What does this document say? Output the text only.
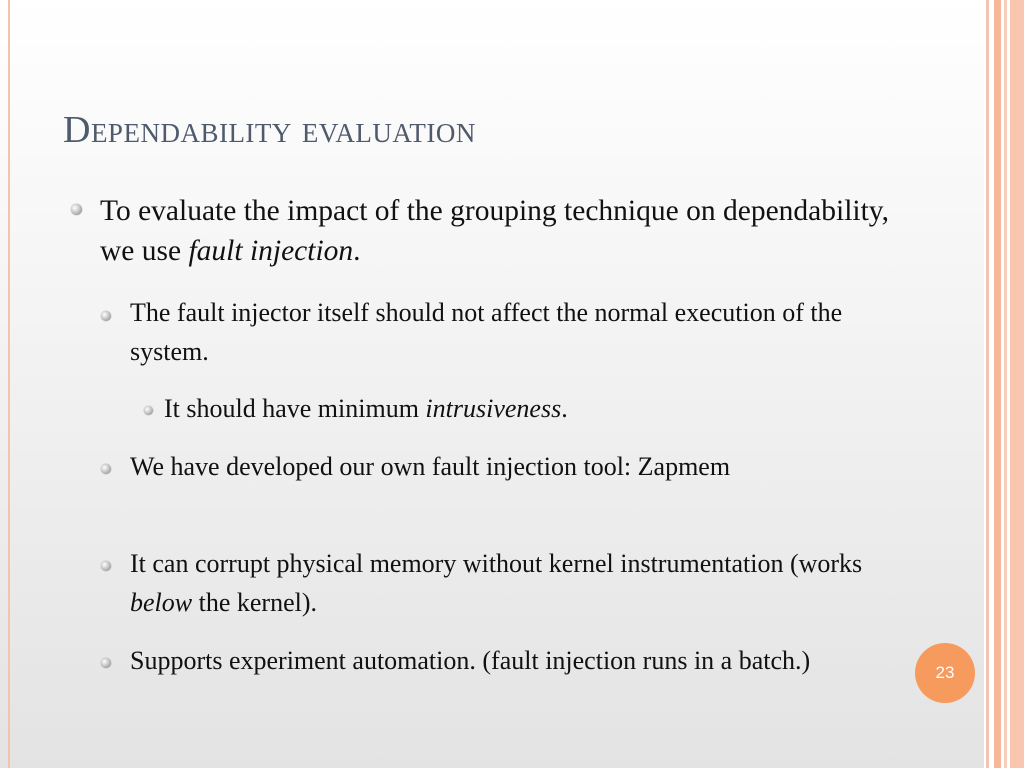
Dependability evaluation

To evaluate the impact of the grouping technique on dependability, we use fault injection.

The fault injector itself should not affect the normal execution of the system.

It should have minimum intrusiveness.

We have developed our own fault injection tool: Zapmem

It can corrupt physical memory without kernel instrumentation (works below the kernel).

Supports experiment automation. (fault injection runs in a batch.)	23
